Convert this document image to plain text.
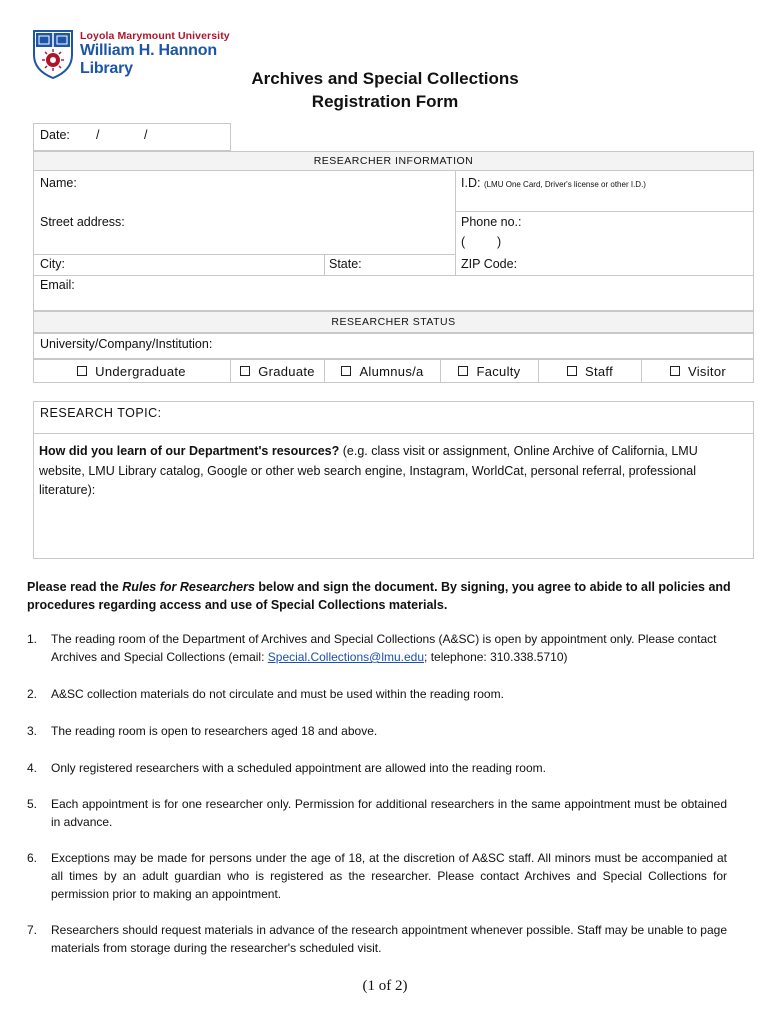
Loyola Marymount University
William H. Hannon Library
Archives and Special Collections
Registration Form
Date: /	/
RESEARCHER INFORMATION
Name:	I.D: (LMU One Card, Driver's license or other I.D.)
Street address:	Phone no.:
(	)
City:	State:	ZIP Code:
Email:
RESEARCHER STATUS
University/Company/Institution:
Undergraduate	Graduate	Alumnus/a	Faculty	Staff	Visitor
RESEARCH TOPIC:
How did you learn of our Department's resources? (e.g. class visit or assignment, Online Archive of California, LMU website, LMU Library catalog, Google or other web search engine, Instagram, WorldCat, personal referral, professional literature):
Please read the Rules for Researchers below and sign the document. By signing, you agree to abide to all policies and procedures regarding access and use of Special Collections materials.
1.	The reading room of the Department of Archives and Special Collections (A&SC) is open by appointment only. Please contact Archives and Special Collections (email: Special.Collections@lmu.edu; telephone: 310.338.5710)
2.	A&SC collection materials do not circulate and must be used within the reading room.
3.	The reading room is open to researchers aged 18 and above.
4.	Only registered researchers with a scheduled appointment are allowed into the reading room.
5.	Each appointment is for one researcher only. Permission for additional researchers in the same appointment must be obtained in advance.
6.	Exceptions may be made for persons under the age of 18, at the discretion of A&SC staff. All minors must be accompanied at all times by an adult guardian who is registered as the researcher. Please contact Archives and Special Collections for permission prior to making an appointment.
7.	Researchers should request materials in advance of the research appointment whenever possible. Staff may be unable to page materials from storage during the researcher's scheduled visit.
(1 of 2)
